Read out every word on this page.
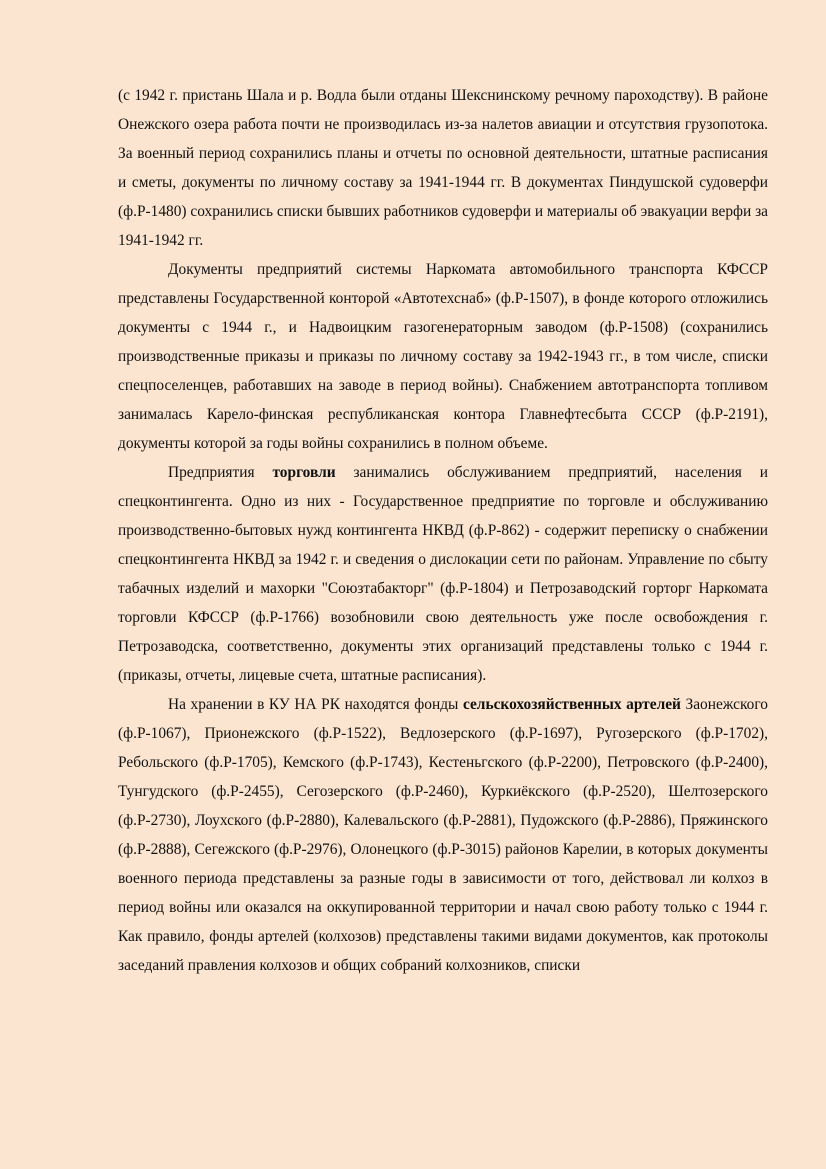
(с 1942 г. пристань Шала и р. Водла были отданы Шекснинскому речному пароходству). В районе Онежского озера работа почти не производилась из-за налетов авиации и отсутствия грузопотока. За военный период сохранились планы и отчеты по основной деятельности, штатные расписания и сметы, документы по личному составу за 1941-1944 гг. В документах Пиндушской судоверфи (ф.Р-1480) сохранились списки бывших работников судоверфи и материалы об эвакуации верфи за 1941-1942 гг.

Документы предприятий системы Наркомата автомобильного транспорта КФССР представлены Государственной конторой «Автотехснаб» (ф.Р-1507), в фонде которого отложились документы с 1944 г., и Надвоицким газогенераторным заводом (ф.Р-1508) (сохранились производственные приказы и приказы по личному составу за 1942-1943 гг., в том числе, списки спецпоселенцев, работавших на заводе в период войны). Снабжением автотранспорта топливом занималась Карело-финская республиканская контора Главнефтесбыта СССР (ф.Р-2191), документы которой за годы войны сохранились в полном объеме.

Предприятия торговли занимались обслуживанием предприятий, населения и спецконтингента. Одно из них - Государственное предприятие по торговле и обслуживанию производственно-бытовых нужд контингента НКВД (ф.Р-862) - содержит переписку о снабжении спецконтингента НКВД за 1942 г. и сведения о дислокации сети по районам. Управление по сбыту табачных изделий и махорки "Союзтабакторг" (ф.Р-1804) и Петрозаводский горторг Наркомата торговли КФССР (ф.Р-1766) возобновили свою деятельность уже после освобождения г. Петрозаводска, соответственно, документы этих организаций представлены только с 1944 г. (приказы, отчеты, лицевые счета, штатные расписания).

На хранении в КУ НА РК находятся фонды сельскохозяйственных артелей Заонежского (ф.Р-1067), Прионежского (ф.Р-1522), Ведлозерского (ф.Р-1697), Ругозерского (ф.Р-1702), Ребольского (ф.Р-1705), Кемского (ф.Р-1743), Кестеньгского (ф.Р-2200), Петровского (ф.Р-2400), Тунгудского (ф.Р-2455), Сегозерского (ф.Р-2460), Куркиёкского (ф.Р-2520), Шелтозерского (ф.Р-2730), Лоухского (ф.Р-2880), Калевальского (ф.Р-2881), Пудожского (ф.Р-2886), Пряжинского (ф.Р-2888), Сегежского (ф.Р-2976), Олонецкого (ф.Р-3015) районов Карелии, в которых документы военного периода представлены за разные годы в зависимости от того, действовал ли колхоз в период войны или оказался на оккупированной территории и начал свою работу только с 1944 г. Как правило, фонды артелей (колхозов) представлены такими видами документов, как протоколы заседаний правления колхозов и общих собраний колхозников, списки
